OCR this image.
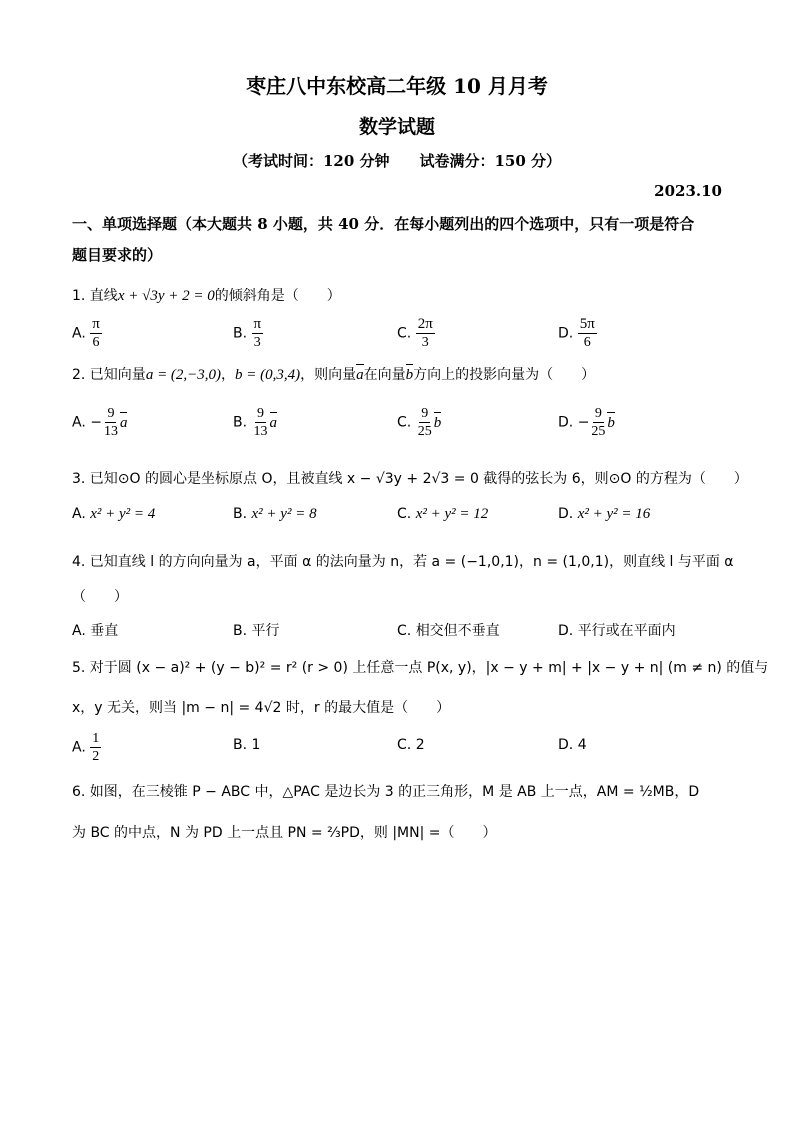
枣庄八中东校高二年级 10 月月考
数学试题
（考试时间：120 分钟　　试卷满分：150 分）
2023.10
一、单项选择题（本大题共 8 小题，共 40 分．在每小题列出的四个选项中，只有一项是符合
题目要求的）
1. 直线x + √3y + 2 = 0的倾斜角是（　　）
A. $\frac{\pi}{6}$	B. $\frac{\pi}{3}$	C. $\frac{2\pi}{3}$	D. $\frac{5\pi}{6}$
2. 已知向量a = (2,−3,0)，b = (0,3,4)，则向量a在向量b方向上的投影向量为（　　）
A. − $\frac{9}{13}$ a	B. $\frac{9}{13}$ a	C. $\frac{9}{25}$ b	D. − $\frac{9}{25}$ b
3. 已知⊙O 的圆心是坐标原点 O，且被直线 x − √3y + 2√3 = 0 截得的弦长为 6，则⊙O 的方程为（　　）
A. x² + y² = 4	B. x² + y² = 8	C. x² + y² = 12	D. x² + y² = 16
4. 已知直线 l 的方向向量为 a，平面 α 的法向量为 n，若 a = (−1,0,1)，n = (1,0,1)，则直线 l 与平面 α
（　　）
A. 垂直	B. 平行	C. 相交但不垂直	D. 平行或在平面内
5. 对于圆 (x − a)² + (y − b)² = r² (r > 0) 上任意一点 P(x, y)，|x − y + m| + |x − y + n| (m ≠ n) 的值与
x，y 无关，则当 |m − n| = 4√2 时，r 的最大值是（　　）
A. $\frac{1}{2}$	B. 1	C. 2	D. 4
6. 如图，在三棱锥 P − ABC 中，△PAC 是边长为 3 的正三角形，M 是 AB 上一点，AM = ½MB，D
为 BC 的中点，N 为 PD 上一点且 PN = ⅔PD，则 |MN| =（　　）
